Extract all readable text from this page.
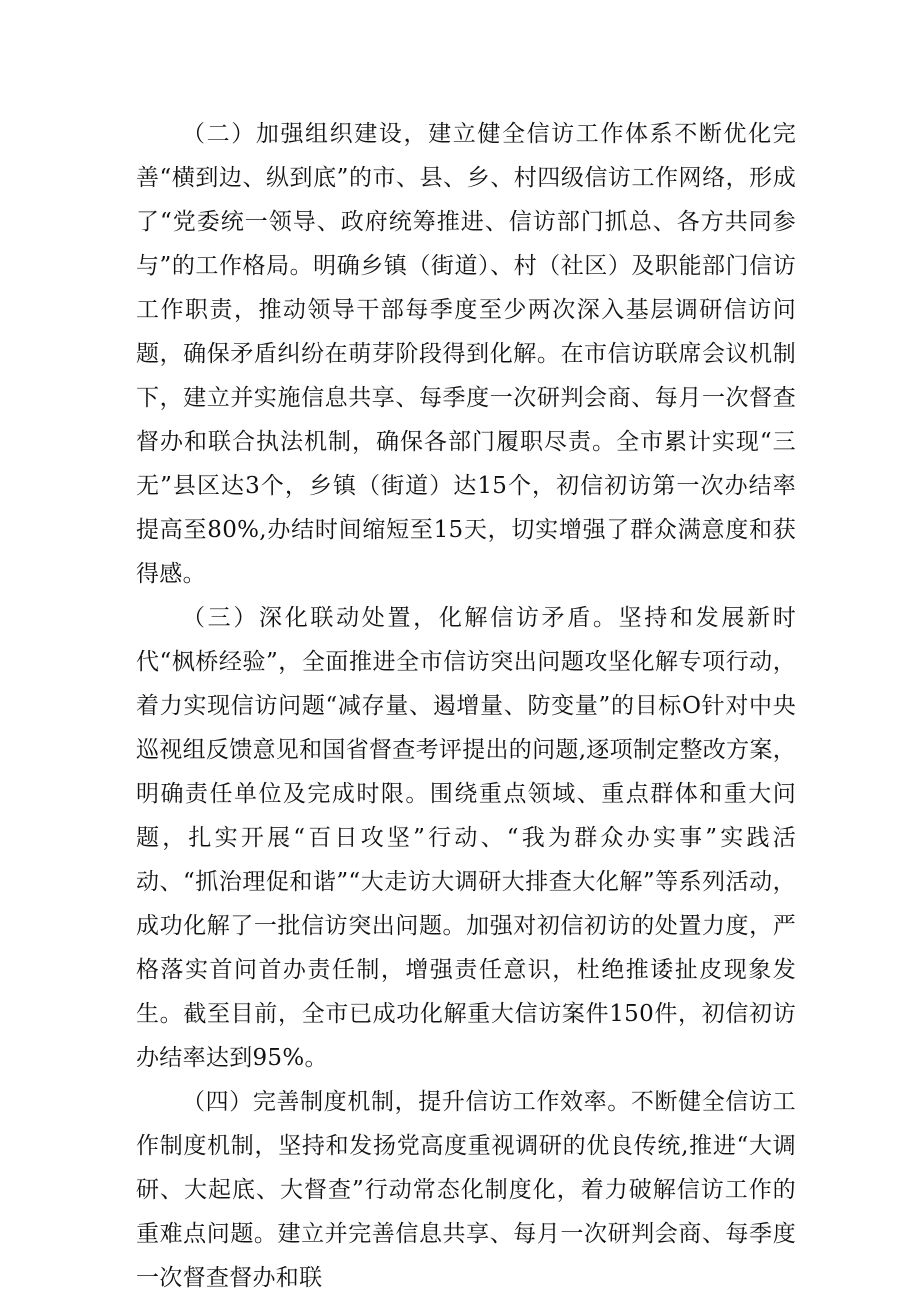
（二）加强组织建设，建立健全信访工作体系不断优化完善“横到边、纵到底”的市、县、乡、村四级信访工作网络，形成了“党委统一领导、政府统筹推进、信访部门抓总、各方共同参与”的工作格局。明确乡镇（街道）、村（社区）及职能部门信访工作职责，推动领导干部每季度至少两次深入基层调研信访问题，确保矛盾纠纷在萌芽阶段得到化解。在市信访联席会议机制下，建立并实施信息共享、每季度一次研判会商、每月一次督查督办和联合执法机制，确保各部门履职尽责。全市累计实现“三无”县区达3个，乡镇（街道）达15个，初信初访第一次办结率提高至80%,办结时间缩短至15天，切实增强了群众满意度和获得感。

（三）深化联动处置，化解信访矛盾。坚持和发展新时代“枫桥经验”，全面推进全市信访突出问题攻坚化解专项行动，着力实现信访问题“减存量、遏增量、防变量”的目标O针对中央巡视组反馈意见和国省督查考评提出的问题,逐项制定整改方案，明确责任单位及完成时限。围绕重点领域、重点群体和重大问题，扎实开展“百日攻坚”行动、“我为群众办实事”实践活动、“抓治理促和谐”“大走访大调研大排查大化解”等系列活动，成功化解了一批信访突出问题。加强对初信初访的处置力度，严格落实首问首办责任制，增强责任意识，杜绝推诿扯皮现象发生。截至目前，全市已成功化解重大信访案件150件，初信初访办结率达到95%。

（四）完善制度机制，提升信访工作效率。不断健全信访工作制度机制，坚持和发扬党高度重视调研的优良传统,推进“大调研、大起底、大督查”行动常态化制度化，着力破解信访工作的重难点问题。建立并完善信息共享、每月一次研判会商、每季度一次督查督办和联
